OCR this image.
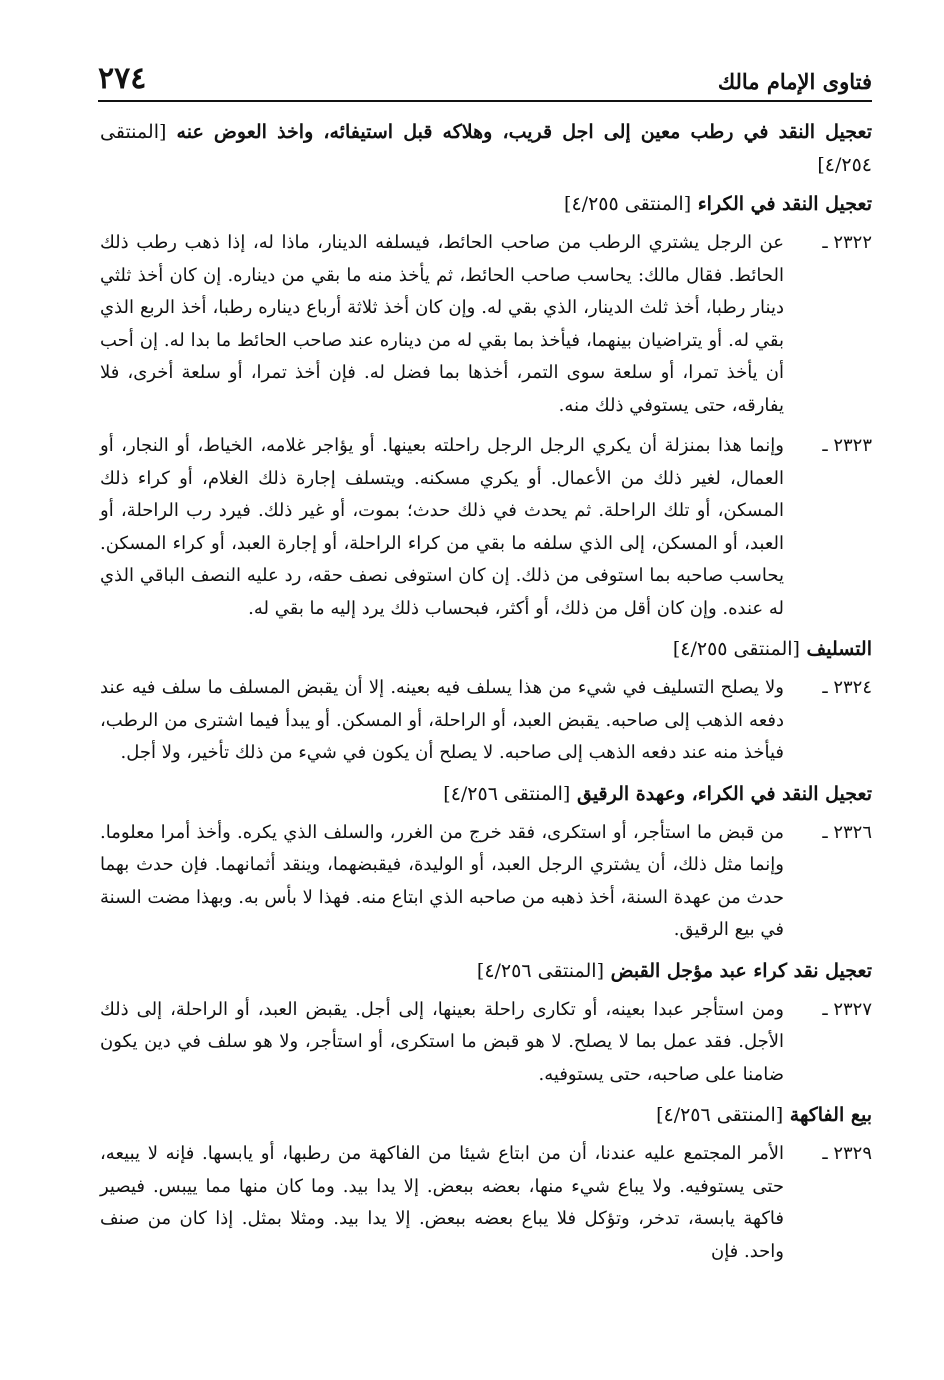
٢٧٤	فتاوى الإمام مالك
تعجيل النقد في رطب معين إلى اجل قريب، وهلاكه قبل استيفائه، واخذ العوض عنه [المنتقى ٤/٢٥٤]
تعجيل النقد في الكراء [المنتقى ٤/٢٥٥]
٢٣٢٢ ـ
عن الرجل يشتري الرطب من صاحب الحائط، فيسلفه الدينار، ماذا له، إذا ذهب رطب ذلك الحائط. فقال مالك: يحاسب صاحب الحائط، ثم يأخذ منه ما بقي من ديناره. إن كان أخذ ثلثي دينار رطبا، أخذ ثلث الدينار، الذي بقي له. وإن كان أخذ ثلاثة أرباع ديناره رطبا، أخذ الربع الذي بقي له. أو يتراضيان بينهما، فيأخذ بما بقي له من ديناره عند صاحب الحائط ما بدا له. إن أحب أن يأخذ تمرا، أو سلعة سوى التمر، أخذها بما فضل له. فإن أخذ تمرا، أو سلعة أخرى، فلا يفارقه، حتى يستوفي ذلك منه.
٢٣٢٣ ـ
وإنما هذا بمنزلة أن يكري الرجل الرجل راحلته بعينها. أو يؤاجر غلامه، الخياط، أو النجار، أو العمال، لغير ذلك من الأعمال. أو يكري مسكنه. ويتسلف إجارة ذلك الغلام، أو كراء ذلك المسكن، أو تلك الراحلة. ثم يحدث في ذلك حدث؛ بموت، أو غير ذلك. فيرد رب الراحلة، أو العبد، أو المسكن، إلى الذي سلفه ما بقي من كراء الراحلة، أو إجارة العبد، أو كراء المسكن. يحاسب صاحبه بما استوفى من ذلك. إن كان استوفى نصف حقه، رد عليه النصف الباقي الذي له عنده. وإن كان أقل من ذلك، أو أكثر، فبحساب ذلك يرد إليه ما بقي له.
التسليف [المنتقى ٤/٢٥٥]
٢٣٢٤ ـ
ولا يصلح التسليف في شيء من هذا يسلف فيه بعينه. إلا أن يقبض المسلف ما سلف فيه عند دفعه الذهب إلى صاحبه. يقبض العبد، أو الراحلة، أو المسكن. أو يبدأ فيما اشترى من الرطب، فيأخذ منه عند دفعه الذهب إلى صاحبه. لا يصلح أن يكون في شيء من ذلك تأخير، ولا أجل.
تعجيل النقد في الكراء، وعهدة الرقيق [المنتقى ٤/٢٥٦]
٢٣٢٦ ـ
من قبض ما استأجر، أو استكرى، فقد خرج من الغرر، والسلف الذي يكره. وأخذ أمرا معلوما. وإنما مثل ذلك، أن يشتري الرجل العبد، أو الوليدة، فيقبضهما، وينقد أثمانهما. فإن حدث بهما حدث من عهدة السنة، أخذ ذهبه من صاحبه الذي ابتاع منه. فهذا لا بأس به. وبهذا مضت السنة في بيع الرقيق.
تعجيل نقد كراء عبد مؤجل القبض [المنتقى ٤/٢٥٦]
٢٣٢٧ ـ
ومن استأجر عبدا بعينه، أو تكارى راحلة بعينها، إلى أجل. يقبض العبد، أو الراحلة، إلى ذلك الأجل. فقد عمل بما لا يصلح. لا هو قبض ما استكرى، أو استأجر، ولا هو سلف في دين يكون ضامنا على صاحبه، حتى يستوفيه.
بيع الفاكهة [المنتقى ٤/٢٥٦]
٢٣٢٩ ـ
الأمر المجتمع عليه عندنا، أن من ابتاع شيئا من الفاكهة من رطبها، أو يابسها. فإنه لا يبيعه، حتى يستوفيه. ولا يباع شيء منها، بعضه ببعض. إلا يدا بيد. وما كان منها مما ييبس. فيصير فاكهة يابسة، تدخر، وتؤكل فلا يباع بعضه ببعض. إلا يدا بيد. ومثلا بمثل. إذا كان من صنف واحد. فإن
